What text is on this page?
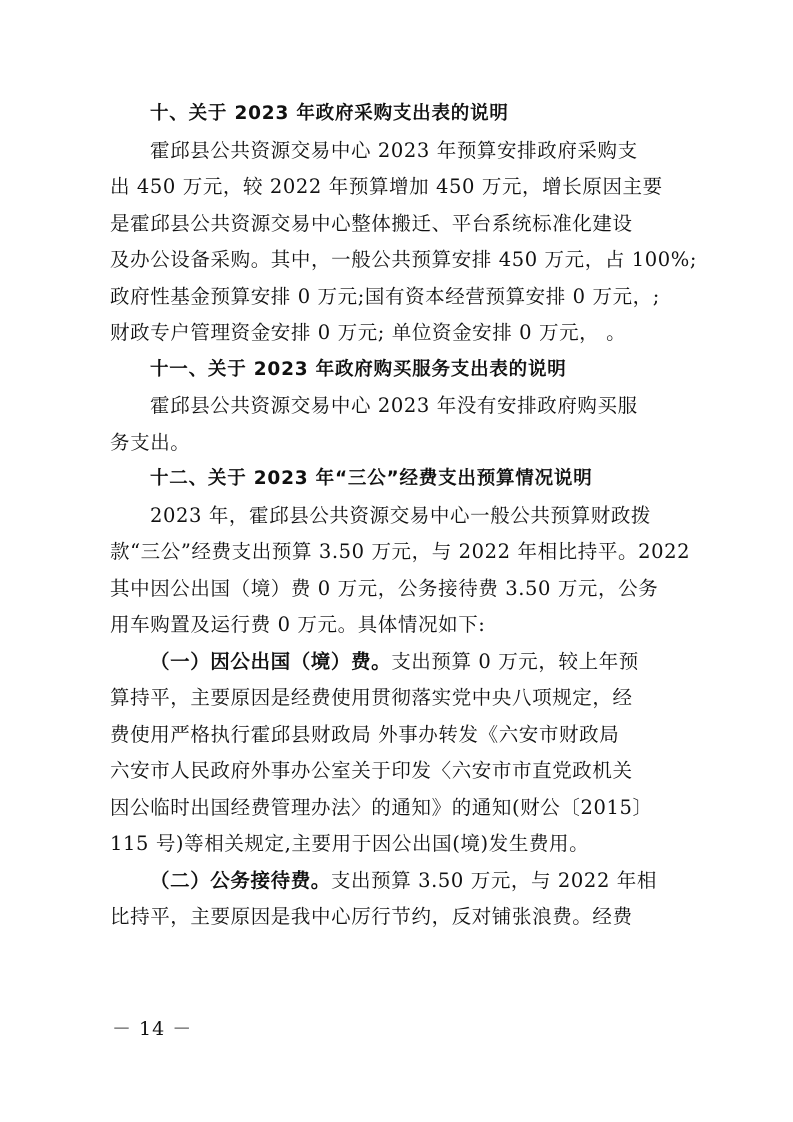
十、关于 2023 年政府采购支出表的说明
霍邱县公共资源交易中心 2023 年预算安排政府采购支
出 450 万元，较 2022 年预算增加 450 万元，增长原因主要
是霍邱县公共资源交易中心整体搬迁、平台系统标准化建设
及办公设备采购。其中，一般公共预算安排 450 万元，占 100%;
政府性基金预算安排 0 万元;国有资本经营预算安排 0 万元，;
财政专户管理资金安排 0 万元; 单位资金安排 0 万元， 。
十一、关于 2023 年政府购买服务支出表的说明
霍邱县公共资源交易中心 2023 年没有安排政府购买服
务支出。
十二、关于 2023 年“三公”经费支出预算情况说明
2023 年，霍邱县公共资源交易中心一般公共预算财政拨
款“三公”经费支出预算 3.50 万元，与 2022 年相比持平。2022
其中因公出国（境）费 0 万元，公务接待费 3.50 万元，公务
用车购置及运行费 0 万元。具体情况如下:
（一）因公出国（境）费。支出预算 0 万元，较上年预
算持平，主要原因是经费使用贯彻落实党中央八项规定，经
费使用严格执行霍邱县财政局 外事办转发《六安市财政局
六安市人民政府外事办公室关于印发〈六安市市直党政机关
因公临时出国经费管理办法〉的通知》的通知(财公〔2015〕
115 号)等相关规定,主要用于因公出国(境)发生费用。
（二）公务接待费。支出预算 3.50 万元，与 2022 年相
比持平，主要原因是我中心厉行节约，反对铺张浪费。经费
－ 14 －
